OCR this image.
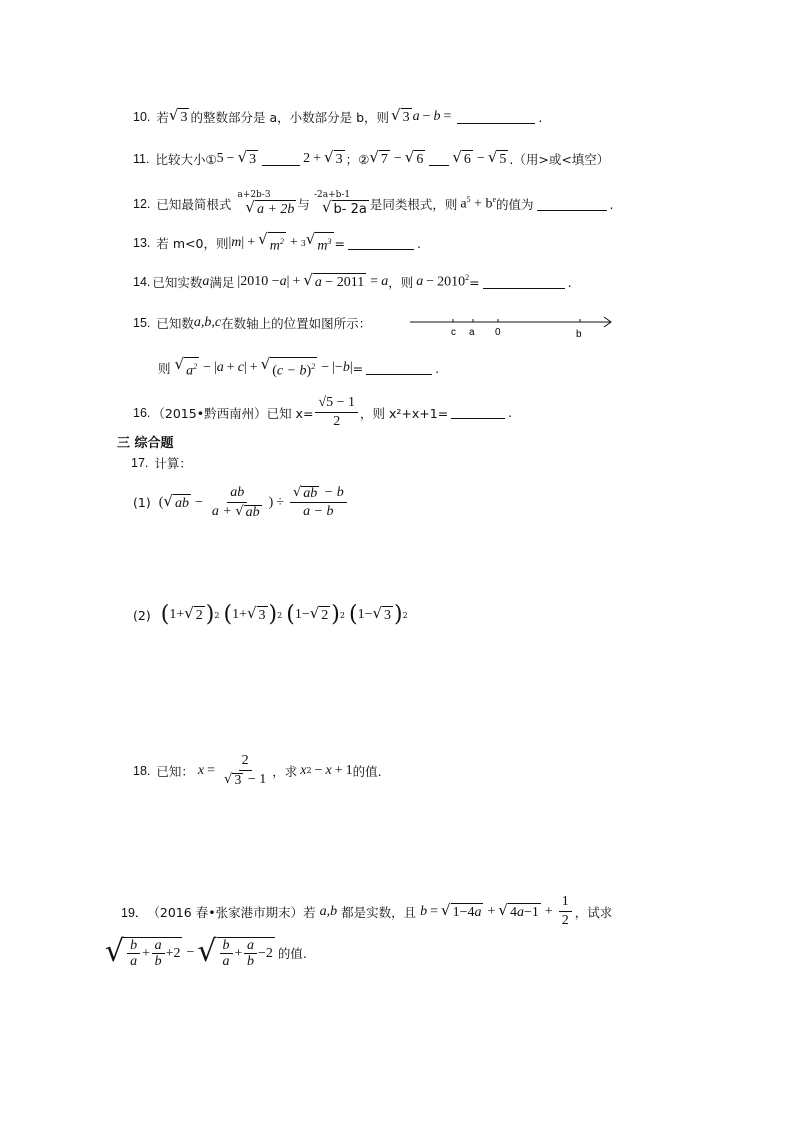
10. 若 √ 3 的整数部分是 a，小数部分是 b，则 √ 3 a − b =	.
11. 比较大小① 5 − √ 3	2 + √ 3 ；② √ 7 − √ 6 √ 6 − √ 5 .（用>或<填空）
12. 已知最简根式
a+2b-3
√ a + 2b 与
-2a+b-1
√ b- 2a 是同类根式，则 $a^5 + b^e$ 的值为	.
13. 若 m<0，则 | m | + √ $m^2 + 3$ √ $m^3$ =	.
14. 已知实数 a 满足 |2010 − a | + √ a − 2011 = a ，则 $a - 2010^2$ =	.
15. 已知数 a,b,c 在数轴上的位置如图所示：
c a 0	b
则 √ $a^2$ − | a + c | + √ $(c - b)^2$ − |− b | =	.
16. （2015•黔西南州）已知 $x= \frac{√5 - 1}{2}$ ，则 x²+x+1=	.
三 综合题
17. 计算：
(1) ( √ ab − $\frac{ab}{a + √ ab}$ ) ÷ $\frac{√ ab - b}{a - b}$
(2) ( 1+ √ 2 ) 2 ( 1+ √ 3 ) 2 ( 1− √ 2 ) 2 ( 1− √ 3 ) 2
18. 已知： $x = \frac{2}{√ 3 - 1}$ ，求 x 2 − x + 1 的值.
19． （2016 春•张家港市期末）若 a,b 都是实数，且 b = √ 1−4a + √ $4a-1 + \frac{1}{2}$ ，试求
√ $\frac{b}{a} + \frac{a}{b} +2$ − √ $\frac{b}{a} + \frac{a}{b} -2$ 的值.
